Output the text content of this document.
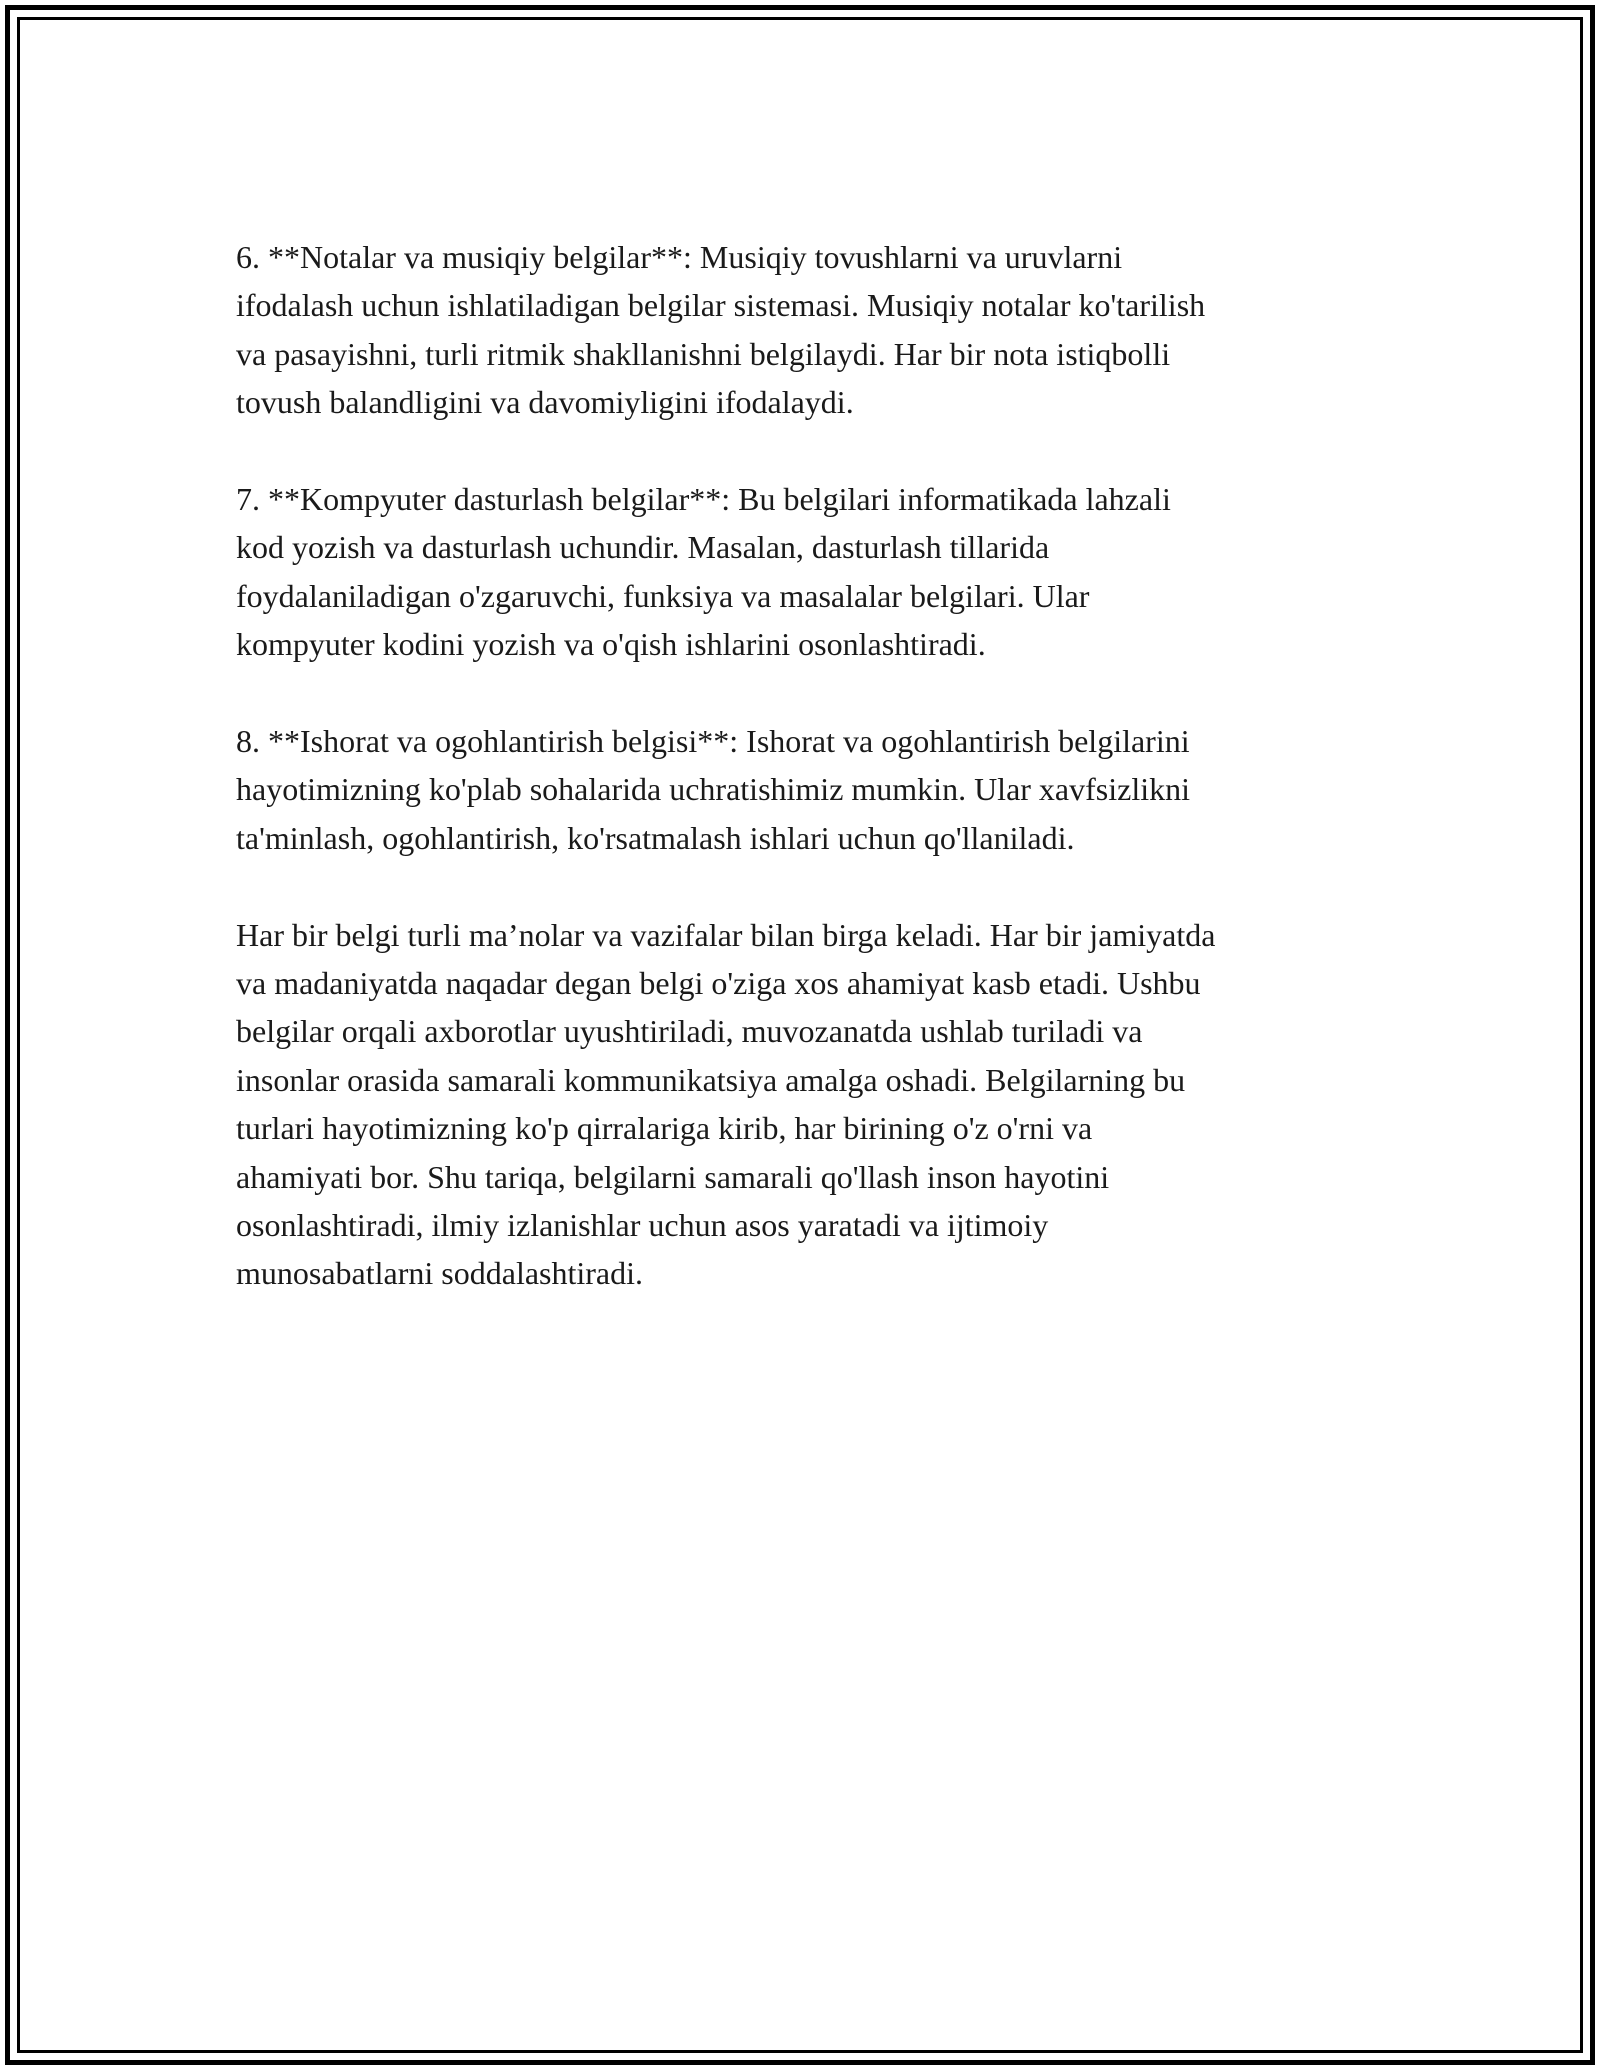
6. **Notalar va musiqiy belgilar**: Musiqiy tovushlarni va uruvlarni
ifodalash uchun ishlatiladigan belgilar sistemasi. Musiqiy notalar ko'tarilish
va pasayishni, turli ritmik shakllanishni belgilaydi. Har bir nota istiqbolli
tovush balandligini va davomiyligini ifodalaydi.
7. **Kompyuter dasturlash belgilar**: Bu belgilari informatikada lahzali
kod yozish va dasturlash uchundir. Masalan, dasturlash tillarida
foydalaniladigan o'zgaruvchi, funksiya va masalalar belgilari. Ular
kompyuter kodini yozish va o'qish ishlarini osonlashtiradi.
8. **Ishorat va ogohlantirish belgisi**: Ishorat va ogohlantirish belgilarini
hayotimizning ko'plab sohalarida uchratishimiz mumkin. Ular xavfsizlikni
ta'minlash, ogohlantirish, ko'rsatmalash ishlari uchun qo'llaniladi.
Har bir belgi turli ma’nolar va vazifalar bilan birga keladi. Har bir jamiyatda
va madaniyatda naqadar degan belgi o'ziga xos ahamiyat kasb etadi. Ushbu
belgilar orqali axborotlar uyushtiriladi, muvozanatda ushlab turiladi va
insonlar orasida samarali kommunikatsiya amalga oshadi. Belgilarning bu
turlari hayotimizning ko'p qirralariga kirib, har birining o'z o'rni va
ahamiyati bor. Shu tariqa, belgilarni samarali qo'llash inson hayotini
osonlashtiradi, ilmiy izlanishlar uchun asos yaratadi va ijtimoiy
munosabatlarni soddalashtiradi.
